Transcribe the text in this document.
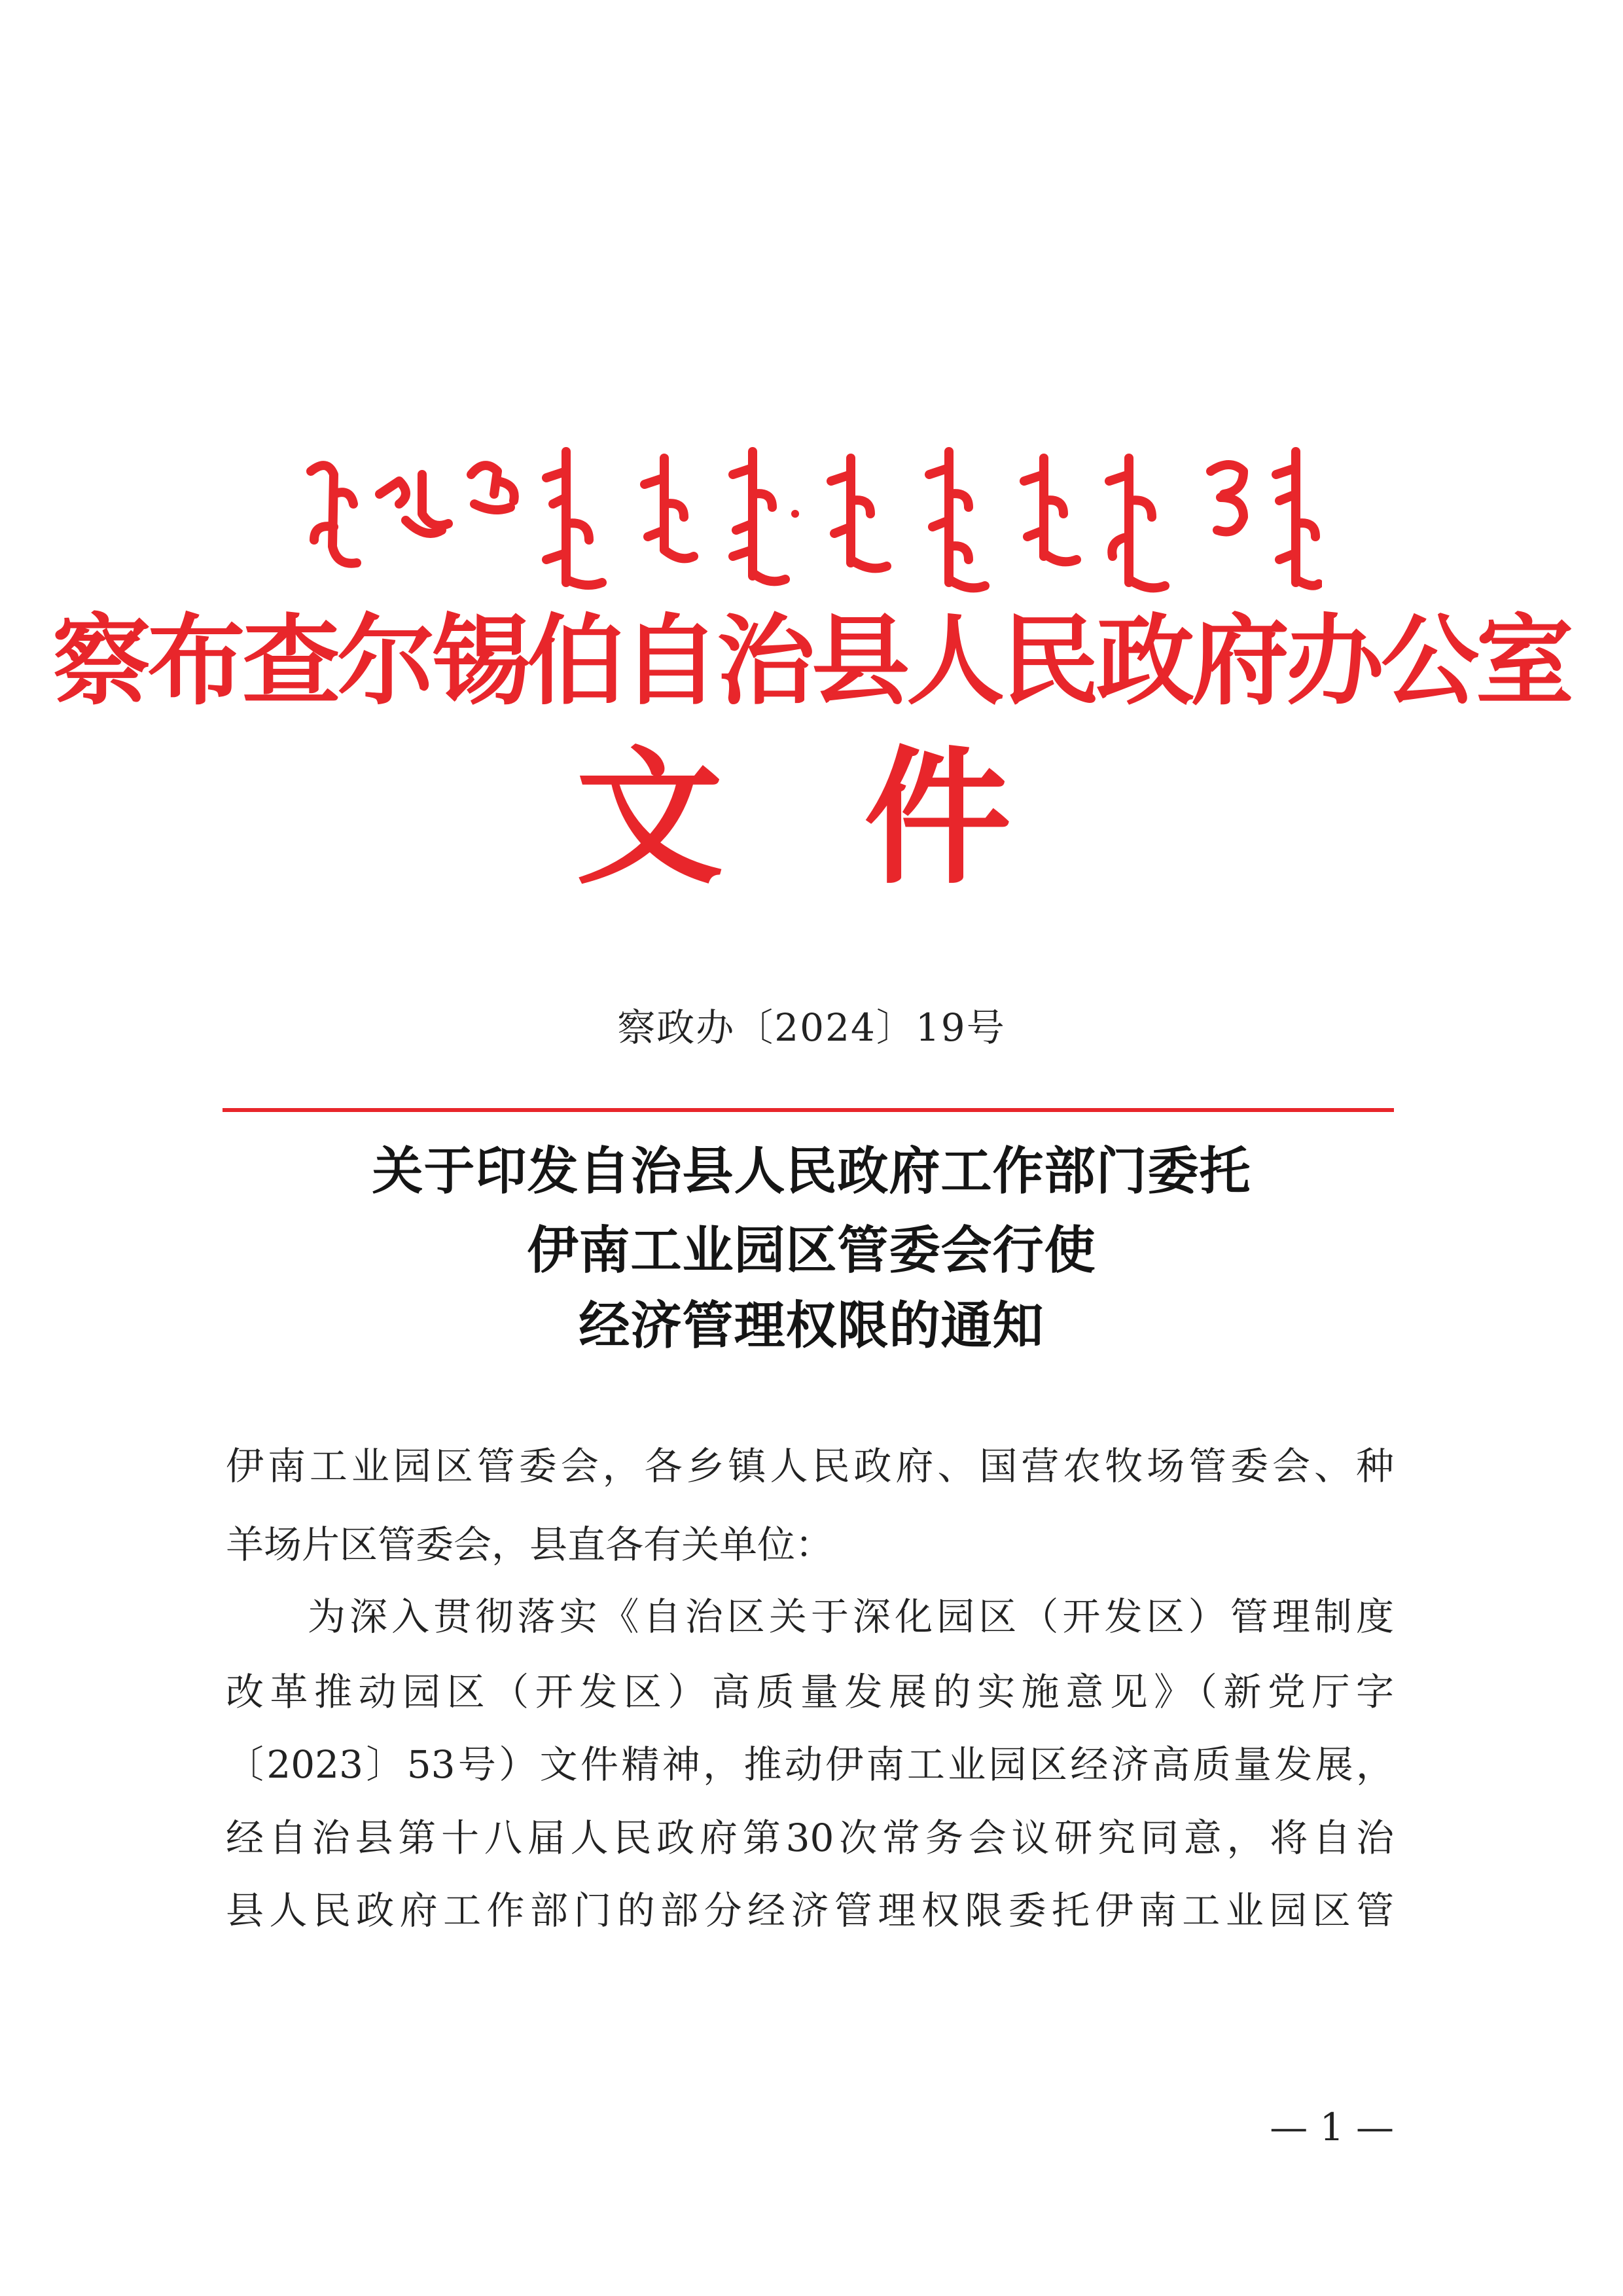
察布查尔锡伯自治县人民政府办公室
文 件
察政办〔2024〕19号
关于印发自治县人民政府工作部门委托
伊南工业园区管委会行使
经济管理权限的通知
伊南工业园区管委会，各乡镇人民政府、国营农牧场管委会、种
羊场片区管委会，县直各有关单位：
为深入贯彻落实《自治区关于深化园区（开发区）管理制度
改革推动园区（开发区）高质量发展的实施意见》（新党厅字
〔2023〕53号）文件精神，推动伊南工业园区经济高质量发展，
经自治县第十八届人民政府第30次常务会议研究同意，将自治
县人民政府工作部门的部分经济管理权限委托伊南工业园区管
— 1 —
